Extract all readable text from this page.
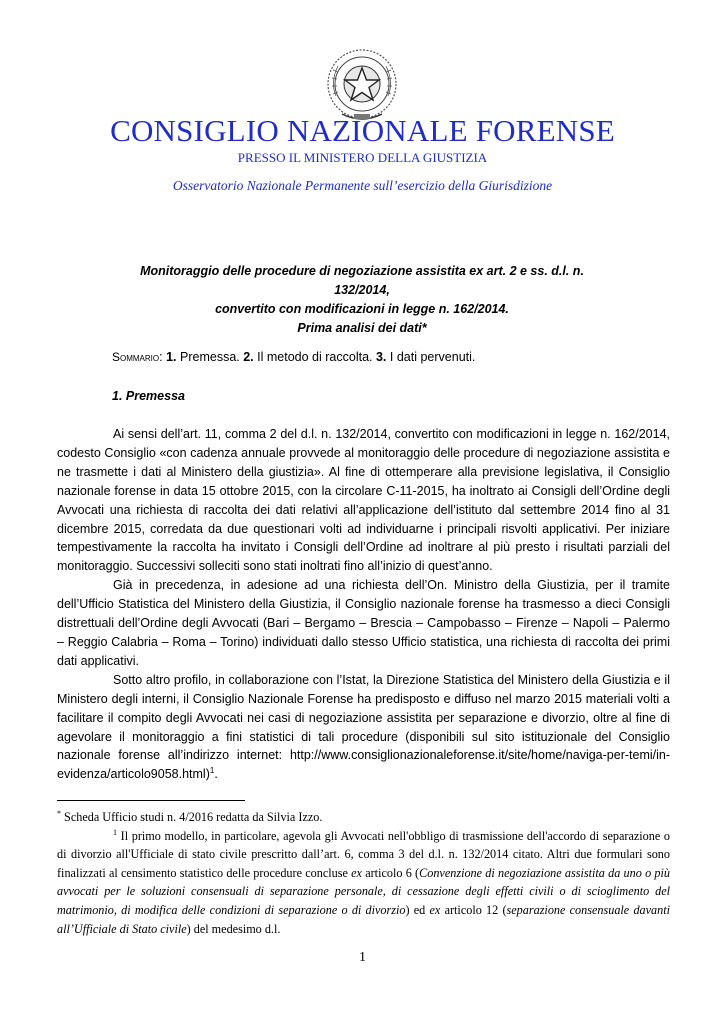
CONSIGLIO NAZIONALE FORENSE

PRESSO IL MINISTERO DELLA GIUSTIZIA

Osservatorio Nazionale Permanente sull’esercizio della Giurisdizione

Monitoraggio delle procedure di negoziazione assistita ex art. 2 e ss. d.l. n. 132/2014,
convertito con modificazioni in legge n. 162/2014.
Prima analisi dei dati*

Sommario: 1. Premessa. 2. Il metodo di raccolta. 3. I dati pervenuti.

1. Premessa

Ai sensi dell’art. 11, comma 2 del d.l. n. 132/2014, convertito con modificazioni in legge n. 162/2014, codesto Consiglio «con cadenza annuale provvede al monitoraggio delle procedure di negoziazione assistita e ne trasmette i dati al Ministero della giustizia». Al fine di ottemperare alla previsione legislativa, il Consiglio nazionale forense in data 15 ottobre 2015, con la circolare C-11-2015, ha inoltrato ai Consigli dell’Ordine degli Avvocati una richiesta di raccolta dei dati relativi all’applicazione dell’istituto dal settembre 2014 fino al 31 dicembre 2015, corredata da due questionari volti ad individuarne i principali risvolti applicativi. Per iniziare tempestivamente la raccolta ha invitato i Consigli dell’Ordine ad inoltrare al più presto i risultati parziali del monitoraggio. Successivi solleciti sono stati inoltrati fino all’inizio di quest’anno.

Già in precedenza, in adesione ad una richiesta dell’On. Ministro della Giustizia, per il tramite dell’Ufficio Statistica del Ministero della Giustizia, il Consiglio nazionale forense ha trasmesso a dieci Consigli distrettuali dell’Ordine degli Avvocati (Bari – Bergamo – Brescia – Campobasso – Firenze – Napoli – Palermo – Reggio Calabria – Roma – Torino) individuati dallo stesso Ufficio statistica, una richiesta di raccolta dei primi dati applicativi.

Sotto altro profilo, in collaborazione con l’Istat, la Direzione Statistica del Ministero della Giustizia e il Ministero degli interni, il Consiglio Nazionale Forense ha predisposto e diffuso nel marzo 2015 materiali volti a facilitare il compito degli Avvocati nei casi di negoziazione assistita per separazione e divorzio, oltre al fine di agevolare il monitoraggio a fini statistici di tali procedure (disponibili sul sito istituzionale del Consiglio nazionale forense all’indirizzo internet: http://www.consiglionazionaleforense.it/site/home/naviga-per-temi/in-evidenza/articolo9058.html)$^1$.

* Scheda Ufficio studi n. 4/2016 redatta da Silvia Izzo.

$^1$ Il primo modello, in particolare, agevola gli Avvocati nell'obbligo di trasmissione dell'accordo di separazione o di divorzio all'Ufficiale di stato civile prescritto dall’art. 6, comma 3 del d.l. n. 132/2014 citato. Altri due formulari sono finalizzati al censimento statistico delle procedure concluse ex articolo 6 (Convenzione di negoziazione assistita da uno o più avvocati per le soluzioni consensuali di separazione personale, di cessazione degli effetti civili o di scioglimento del matrimonio, di modifica delle condizioni di separazione o di divorzio) ed ex articolo 12 (separazione consensuale davanti all’Ufficiale di Stato civile) del medesimo d.l.

1
